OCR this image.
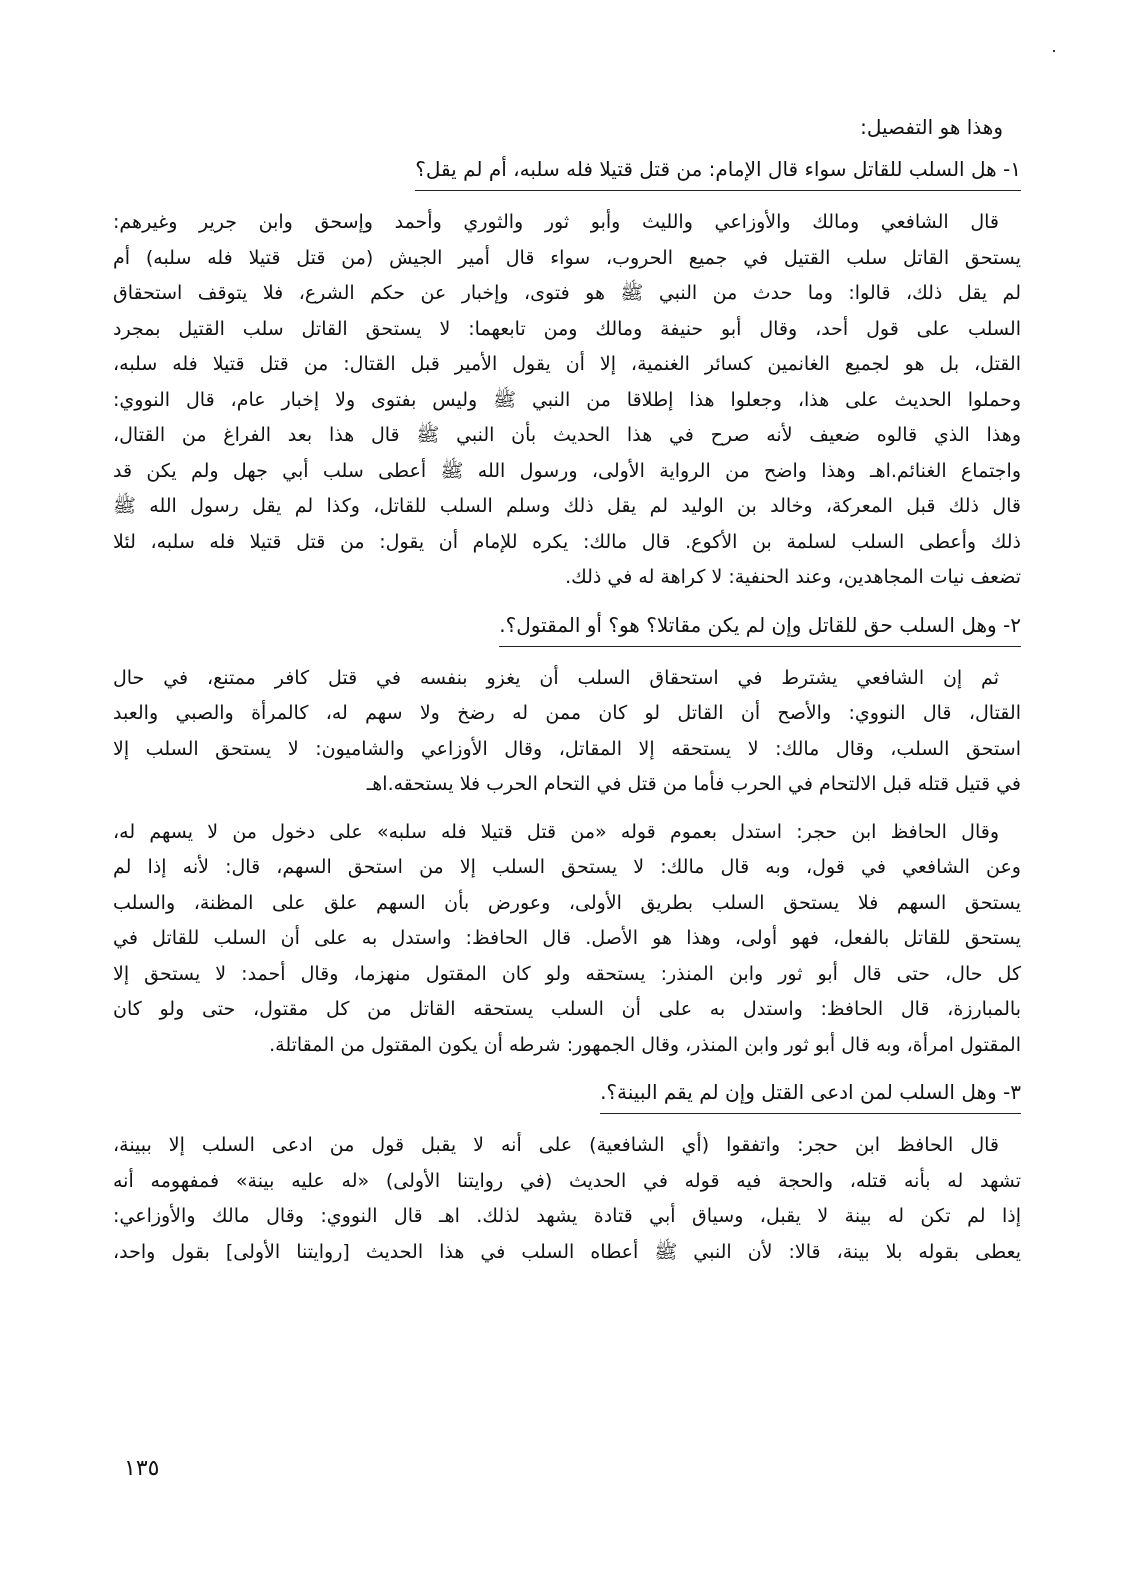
وهذا هو التفصيل:
١- هل السلب للقاتل سواء قال الإمام: من قتل قتيلا فله سلبه، أم لم يقل؟
قال الشافعي ومالك والأوزاعي والليث وأبو ثور والثوري وأحمد وإسحق وابن جرير وغيرهم:
يستحق القاتل سلب القتيل في جميع الحروب، سواء قال أمير الجيش (من قتل قتيلا فله سلبه) أم
لم يقل ذلك، قالوا: وما حدث من النبي ﷺ هو فتوى، وإخبار عن حكم الشرع، فلا يتوقف استحقاق
السلب على قول أحد، وقال أبو حنيفة ومالك ومن تابعهما: لا يستحق القاتل سلب القتيل بمجرد
القتل، بل هو لجميع الغانمين كسائر الغنمية، إلا أن يقول الأمير قبل القتال: من قتل قتيلا فله سلبه،
وحملوا الحديث على هذا، وجعلوا هذا إطلاقا من النبي ﷺ وليس بفتوى ولا إخبار عام، قال النووي:
وهذا الذي قالوه ضعيف لأنه صرح في هذا الحديث بأن النبي ﷺ قال هذا بعد الفراغ من القتال،
واجتماع الغنائم.اهـ وهذا واضح من الرواية الأولى، ورسول الله ﷺ أعطى سلب أبي جهل ولم يكن قد
قال ذلك قبل المعركة، وخالد بن الوليد لم يقل ذلك وسلم السلب للقاتل، وكذا لم يقل رسول الله ﷺ
ذلك وأعطى السلب لسلمة بن الأكوع. قال مالك: يكره للإمام أن يقول: من قتل قتيلا فله سلبه، لئلا
تضعف نيات المجاهدين، وعند الحنفية: لا كراهة له في ذلك.
٢- وهل السلب حق للقاتل وإن لم يكن مقاتلا؟ هو؟ أو المقتول؟.
ثم إن الشافعي يشترط في استحقاق السلب أن يغزو بنفسه في قتل كافر ممتنع، في حال
القتال، قال النووي: والأصح أن القاتل لو كان ممن له رضخ ولا سهم له، كالمرأة والصبي والعبد
استحق السلب، وقال مالك: لا يستحقه إلا المقاتل، وقال الأوزاعي والشاميون: لا يستحق السلب إلا
في قتيل قتله قبل الالتحام في الحرب فأما من قتل في التحام الحرب فلا يستحقه.اهـ
وقال الحافظ ابن حجر: استدل بعموم قوله «من قتل قتيلا فله سلبه» على دخول من لا يسهم له،
وعن الشافعي في قول، وبه قال مالك: لا يستحق السلب إلا من استحق السهم، قال: لأنه إذا لم
يستحق السهم فلا يستحق السلب بطريق الأولى، وعورض بأن السهم علق على المظنة، والسلب
يستحق للقاتل بالفعل، فهو أولى، وهذا هو الأصل. قال الحافظ: واستدل به على أن السلب للقاتل في
كل حال، حتى قال أبو ثور وابن المنذر: يستحقه ولو كان المقتول منهزما، وقال أحمد: لا يستحق إلا
بالمبارزة، قال الحافظ: واستدل به على أن السلب يستحقه القاتل من كل مقتول، حتى ولو كان
المقتول امرأة، وبه قال أبو ثور وابن المنذر، وقال الجمهور: شرطه أن يكون المقتول من المقاتلة.
٣- وهل السلب لمن ادعى القتل وإن لم يقم البينة؟.
قال الحافظ ابن حجر: واتفقوا (أي الشافعية) على أنه لا يقبل قول من ادعى السلب إلا ببينة،
تشهد له بأنه قتله، والحجة فيه قوله في الحديث (في روايتنا الأولى) «له عليه بينة» فمفهومه أنه
إذا لم تكن له بينة لا يقبل، وسياق أبي قتادة يشهد لذلك. اهـ قال النووي: وقال مالك والأوزاعي:
يعطى بقوله بلا بينة، قالا: لأن النبي ﷺ أعطاه السلب في هذا الحديث [روايتنا الأولى] بقول واحد،
١٣٥
